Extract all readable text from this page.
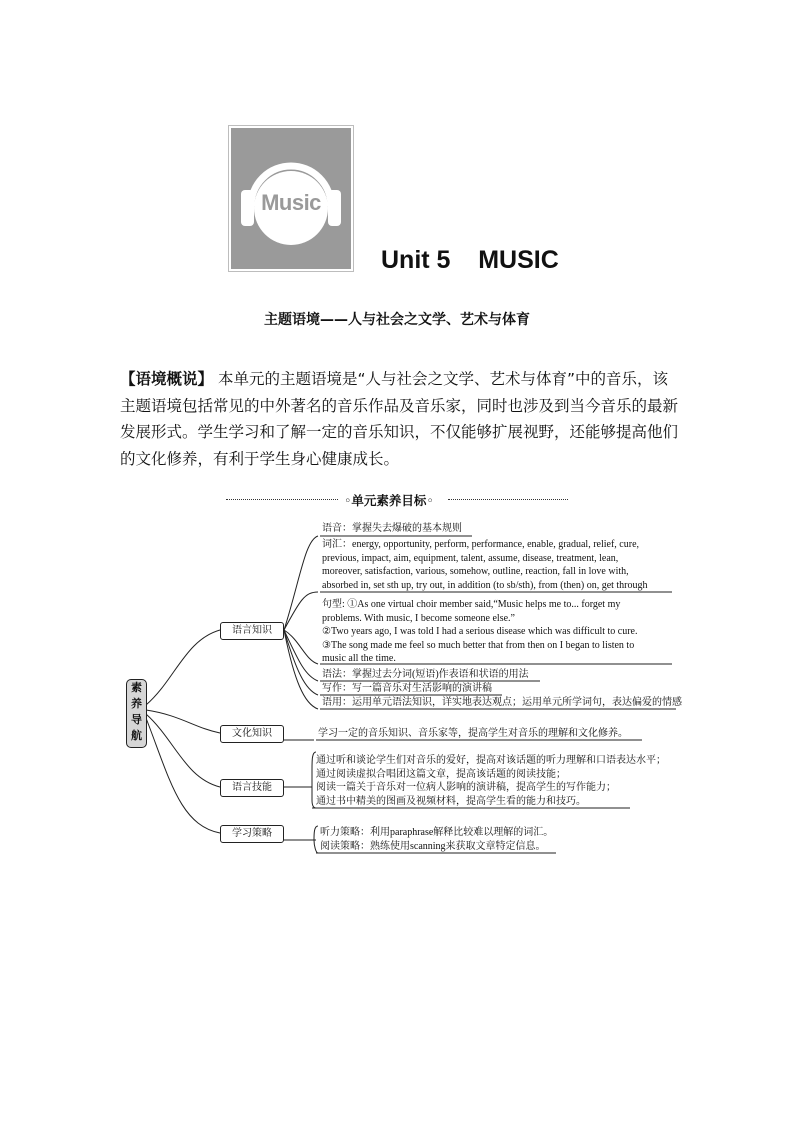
Music
Unit 5    MUSIC
主题语境——人与社会之文学、艺术与体育
【语境概说】 本单元的主题语境是“人与社会之文学、艺术与体育”中的音乐，该主题语境包括常见的中外著名的音乐作品及音乐家，同时也涉及到当今音乐的最新发展形式。学生学习和了解一定的音乐知识，不仅能够扩展视野，还能够提高他们的文化修养，有利于学生身心健康成长。
◦单元素养目标◦
素养导航
语言知识
文化知识
语言技能
学习策略
语音：掌握失去爆破的基本规则
词汇：energy, opportunity, perform, performance, enable, gradual, relief, cure,
previous, impact, aim, equipment, talent, assume, disease, treatment, lean,
moreover, satisfaction, various, somehow, outline, reaction, fall in love with,
absorbed in, set sth up, try out, in addition (to sb/sth), from (then) on, get through
句型: ①As one virtual choir member said,“Music helps me to... forget my
problems. With music, I become someone else.”
②Two years ago, I was told I had a serious disease which was difficult to cure.
③The song made me feel so much better that from then on I began to listen to
music all the time.
语法：掌握过去分词(短语)作表语和状语的用法
写作：写一篇音乐对生活影响的演讲稿
语用：运用单元语法知识，详实地表达观点；运用单元所学词句，表达偏爱的情感
学习一定的音乐知识、音乐家等，提高学生对音乐的理解和文化修养。
通过听和谈论学生们对音乐的爱好，提高对该话题的听力理解和口语表达水平；
通过阅读虚拟合唱团这篇文章，提高该话题的阅读技能；
阅读一篇关于音乐对一位病人影响的演讲稿，提高学生的写作能力；
通过书中精美的图画及视频材料，提高学生看的能力和技巧。
听力策略：利用paraphrase解释比较难以理解的词汇。
阅读策略：熟练使用scanning来获取文章特定信息。
